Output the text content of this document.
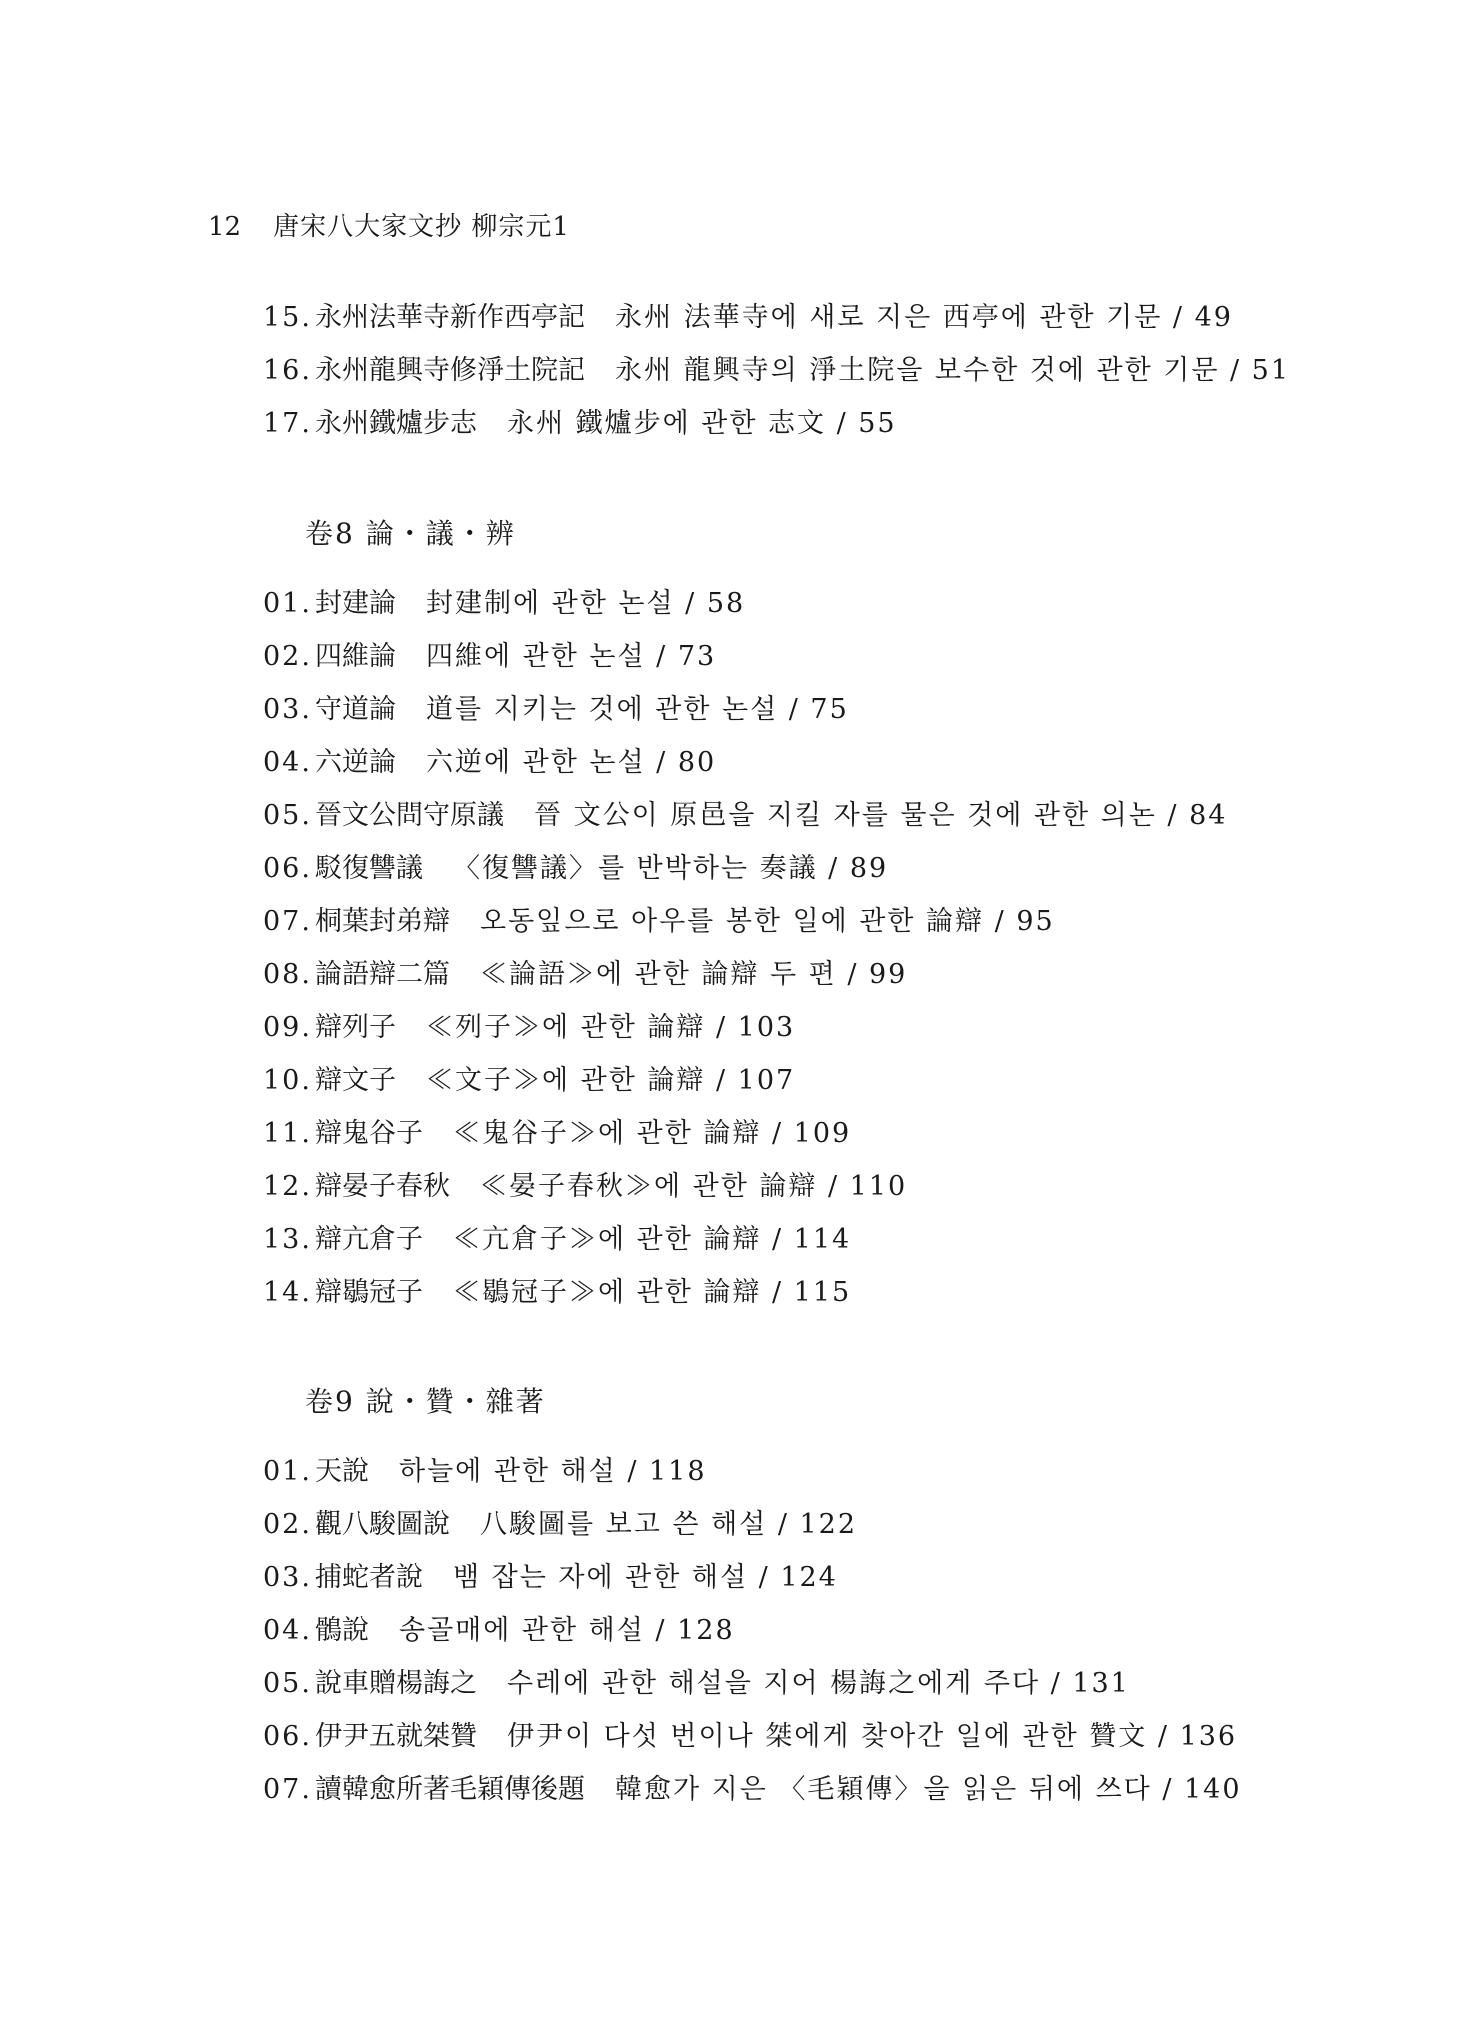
12 唐宋八大家文抄 柳宗元1
15. 永州法華寺新作西亭記 永州 法華寺에 새로 지은 西亭에 관한 기문 / 49
16. 永州龍興寺修淨土院記 永州 龍興寺의 淨土院을 보수한 것에 관한 기문 / 51
17. 永州鐵爐步志 永州 鐵爐步에 관한 志文 / 55
卷8 論・議・辨
01. 封建論 封建制에 관한 논설 / 58
02. 四維論 四維에 관한 논설 / 73
03. 守道論 道를 지키는 것에 관한 논설 / 75
04. 六逆論 六逆에 관한 논설 / 80
05. 晉文公問守原議 晉 文公이 原邑을 지킬 자를 물은 것에 관한 의논 / 84
06. 駁復讐議 〈復讐議〉를 반박하는 奏議 / 89
07. 桐葉封弟辯 오동잎으로 아우를 봉한 일에 관한 論辯 / 95
08. 論語辯二篇 ≪論語≫에 관한 論辯 두 편 / 99
09. 辯列子 ≪列子≫에 관한 論辯 / 103
10. 辯文子 ≪文子≫에 관한 論辯 / 107
11. 辯鬼谷子 ≪鬼谷子≫에 관한 論辯 / 109
12. 辯晏子春秋 ≪晏子春秋≫에 관한 論辯 / 110
13. 辯亢倉子 ≪亢倉子≫에 관한 論辯 / 114
14. 辯鶡冠子 ≪鶡冠子≫에 관한 論辯 / 115
卷9 說・贊・雜著
01. 天說 하늘에 관한 해설 / 118
02. 觀八駿圖說 八駿圖를 보고 쓴 해설 / 122
03. 捕蛇者說 뱀 잡는 자에 관한 해설 / 124
04. 鶻說 송골매에 관한 해설 / 128
05. 說車贈楊誨之 수레에 관한 해설을 지어 楊誨之에게 주다 / 131
06. 伊尹五就桀贊 伊尹이 다섯 번이나 桀에게 찾아간 일에 관한 贊文 / 136
07. 讀韓愈所著毛穎傳後題 韓愈가 지은 〈毛穎傳〉을 읽은 뒤에 쓰다 / 140
